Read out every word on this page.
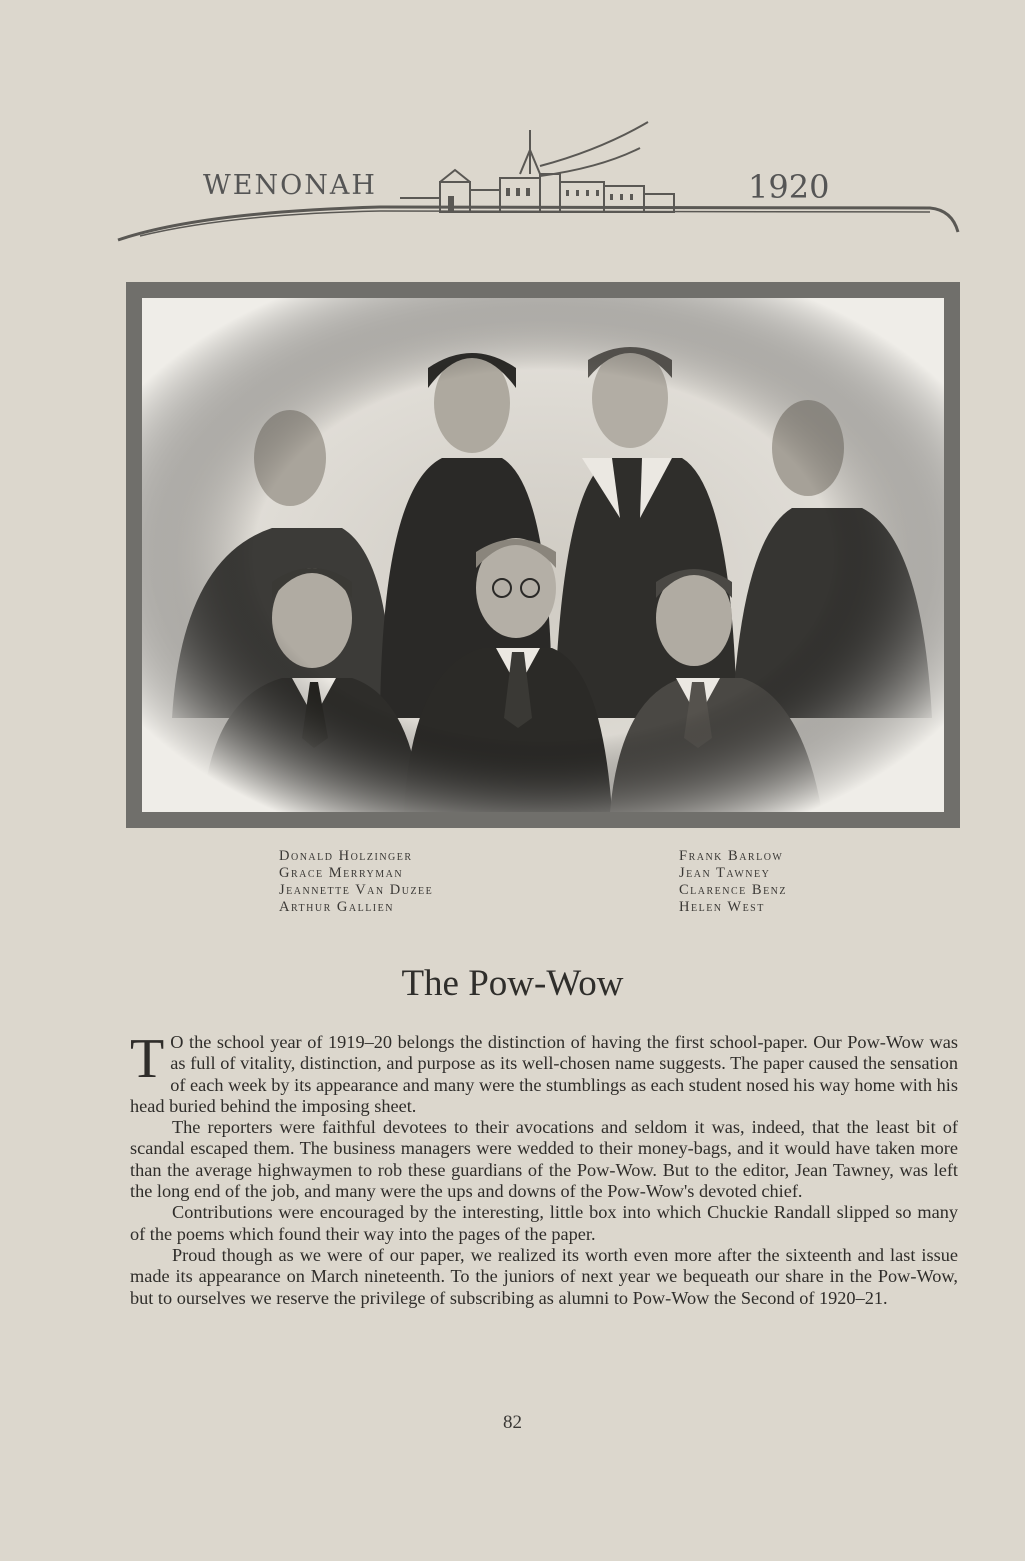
WENONAH	1920
Donald Holzinger
Grace Merryman
Jeannette Van Duzee
Arthur Gallien
Frank Barlow
Jean Tawney
Clarence Benz
Helen West
The Pow-Wow

T O the school year of 1919–20 belongs the distinction of having the first school-paper. Our Pow-Wow was as full of vitality, distinction, and purpose as its well-chosen name suggests. The paper caused the sensation of each week by its appearance and many were the stumblings as each student nosed his way home with his head buried behind the imposing sheet.

The reporters were faithful devotees to their avocations and seldom it was, indeed, that the least bit of scandal escaped them. The business managers were wedded to their money-bags, and it would have taken more than the average highwaymen to rob these guardians of the Pow-Wow. But to the editor, Jean Tawney, was left the long end of the job, and many were the ups and downs of the Pow-Wow's devoted chief.

Contributions were encouraged by the interesting, little box into which Chuckie Randall slipped so many of the poems which found their way into the pages of the paper.

Proud though as we were of our paper, we realized its worth even more after the sixteenth and last issue made its appearance on March nineteenth. To the juniors of next year we bequeath our share in the Pow-Wow, but to ourselves we reserve the privilege of subscribing as alumni to Pow-Wow the Second of 1920–21.

82
